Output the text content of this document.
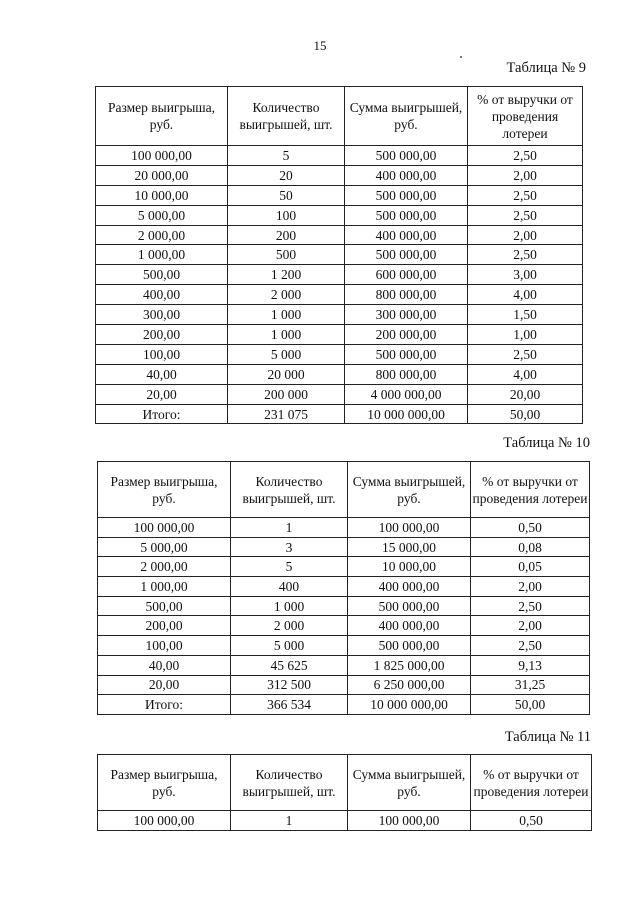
15
Таблица № 9
Размер выигрыша, руб.	Количество выигрышей, шт.	Сумма выигрышей, руб.	% от выручки от проведения лотереи
100 000,00	5	500 000,00	2,50
20 000,00	20	400 000,00	2,00
10 000,00	50	500 000,00	2,50
5 000,00	100	500 000,00	2,50
2 000,00	200	400 000,00	2,00
1 000,00	500	500 000,00	2,50
500,00	1 200	600 000,00	3,00
400,00	2 000	800 000,00	4,00
300,00	1 000	300 000,00	1,50
200,00	1 000	200 000,00	1,00
100,00	5 000	500 000,00	2,50
40,00	20 000	800 000,00	4,00
20,00	200 000	4 000 000,00	20,00
Итого:	231 075	10 000 000,00	50,00
Таблица № 10
Размер выигрыша, руб.	Количество выигрышей, шт.	Сумма выигрышей, руб.	% от выручки от проведения лотереи
100 000,00	1	100 000,00	0,50
5 000,00	3	15 000,00	0,08
2 000,00	5	10 000,00	0,05
1 000,00	400	400 000,00	2,00
500,00	1 000	500 000,00	2,50
200,00	2 000	400 000,00	2,00
100,00	5 000	500 000,00	2,50
40,00	45 625	1 825 000,00	9,13
20,00	312 500	6 250 000,00	31,25
Итого:	366 534	10 000 000,00	50,00
Таблица № 11
Размер выигрыша, руб.	Количество выигрышей, шт.	Сумма выигрышей, руб.	% от выручки от проведения лотереи
100 000,00	1	100 000,00	0,50
